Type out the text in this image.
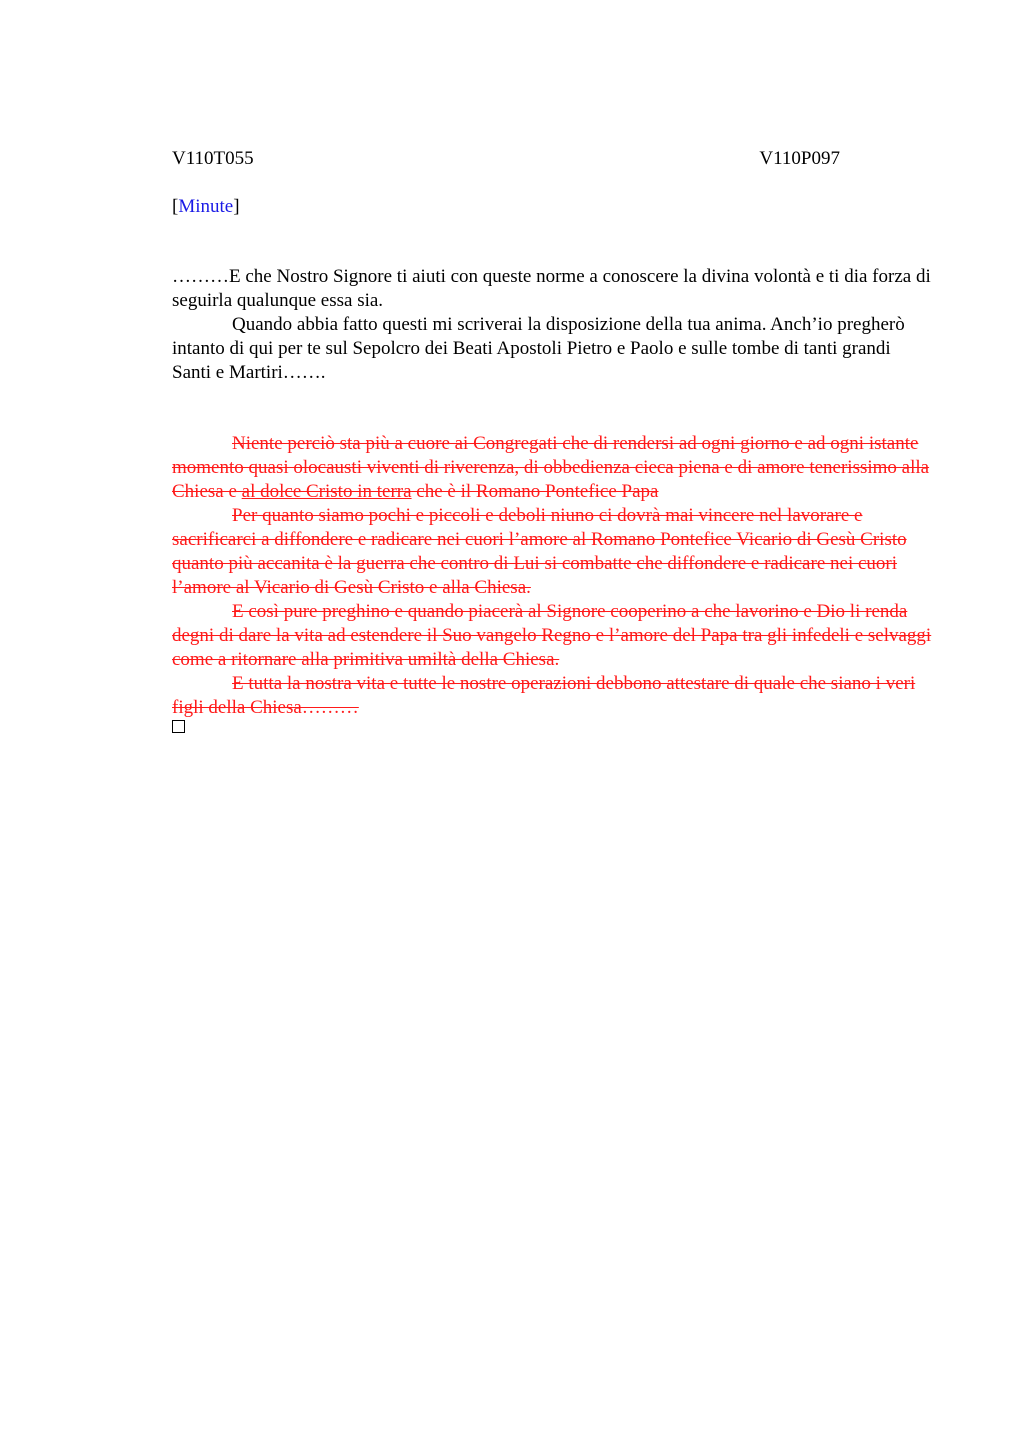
V110T055	V110P097
[Minute]

………E che Nostro Signore ti aiuti con queste norme a conoscere la divina volontà e ti dia forza di seguirla qualunque essa sia.

Quando abbia fatto questi mi scriverai la disposizione della tua anima. Anch’io pregherò intanto di qui per te sul Sepolcro dei Beati Apostoli Pietro e Paolo e sulle tombe di tanti grandi Santi e Martiri…….

Niente perciò sta più a cuore ai Congregati che di rendersi ad ogni giorno e ad ogni istante momento quasi olocausti viventi di riverenza, di obbedienza cieca piena e di amore tenerissimo alla Chiesa e al dolce Cristo in terra che è il Romano Pontefice Papa

Per quanto siamo pochi e piccoli e deboli niuno ci dovrà mai vincere nel lavorare e sacrificarci a diffondere e radicare nei cuori l’amore al Romano Pontefice Vicario di Gesù Cristo quanto più accanita è la guerra che contro di Lui si combatte che diffondere e radicare nei cuori l’amore al Vicario di Gesù Cristo e alla Chiesa.

E così pure preghino e quando piacerà al Signore cooperino a che lavorino e Dio li renda degni di dare la vita ad estendere il Suo vangelo Regno e l’amore del Papa tra gli infedeli e selvaggi come a ritornare alla primitiva umiltà della Chiesa.

E tutta la nostra vita e tutte le nostre operazioni debbono attestare di quale che siano i veri figli della Chiesa………
